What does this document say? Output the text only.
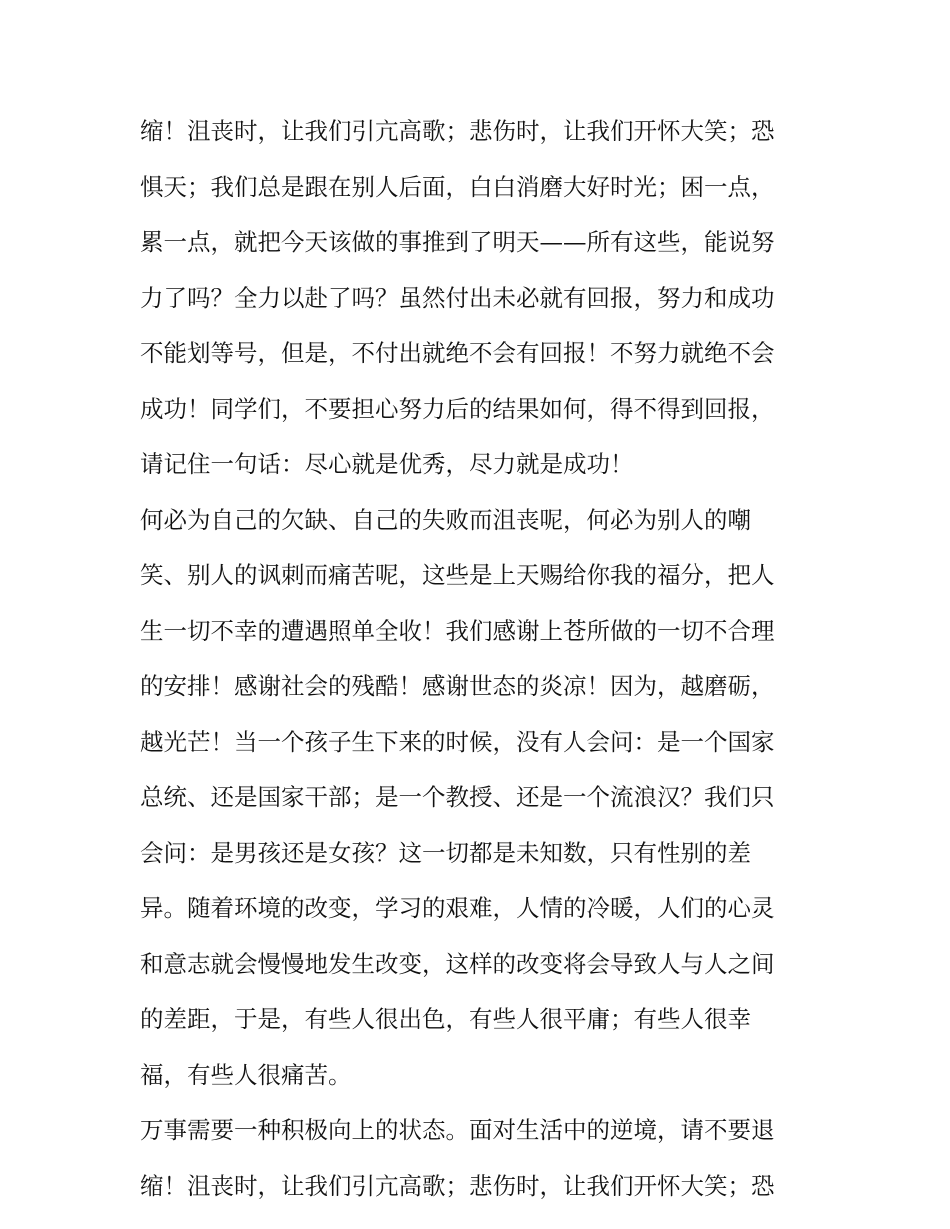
缩！沮丧时，让我们引亢高歌；悲伤时，让我们开怀大笑；恐
惧天；我们总是跟在别人后面，白白消磨大好时光；困一点，
累一点，就把今天该做的事推到了明天——所有这些，能说努
力了吗？全力以赴了吗？虽然付出未必就有回报，努力和成功
不能划等号，但是，不付出就绝不会有回报！不努力就绝不会
成功！同学们，不要担心努力后的结果如何，得不得到回报，
请记住一句话：尽心就是优秀，尽力就是成功！
何必为自己的欠缺、自己的失败而沮丧呢，何必为别人的嘲
笑、别人的讽刺而痛苦呢，这些是上天赐给你我的福分，把人
生一切不幸的遭遇照单全收！我们感谢上苍所做的一切不合理
的安排！感谢社会的残酷！感谢世态的炎凉！因为，越磨砺，
越光芒！当一个孩子生下来的时候，没有人会问：是一个国家
总统、还是国家干部；是一个教授、还是一个流浪汉？我们只
会问：是男孩还是女孩？这一切都是未知数，只有性别的差
异。随着环境的改变，学习的艰难，人情的冷暖，人们的心灵
和意志就会慢慢地发生改变，这样的改变将会导致人与人之间
的差距，于是，有些人很出色，有些人很平庸；有些人很幸
福，有些人很痛苦。
万事需要一种积极向上的状态。面对生活中的逆境，请不要退
缩！沮丧时，让我们引亢高歌；悲伤时，让我们开怀大笑；恐
